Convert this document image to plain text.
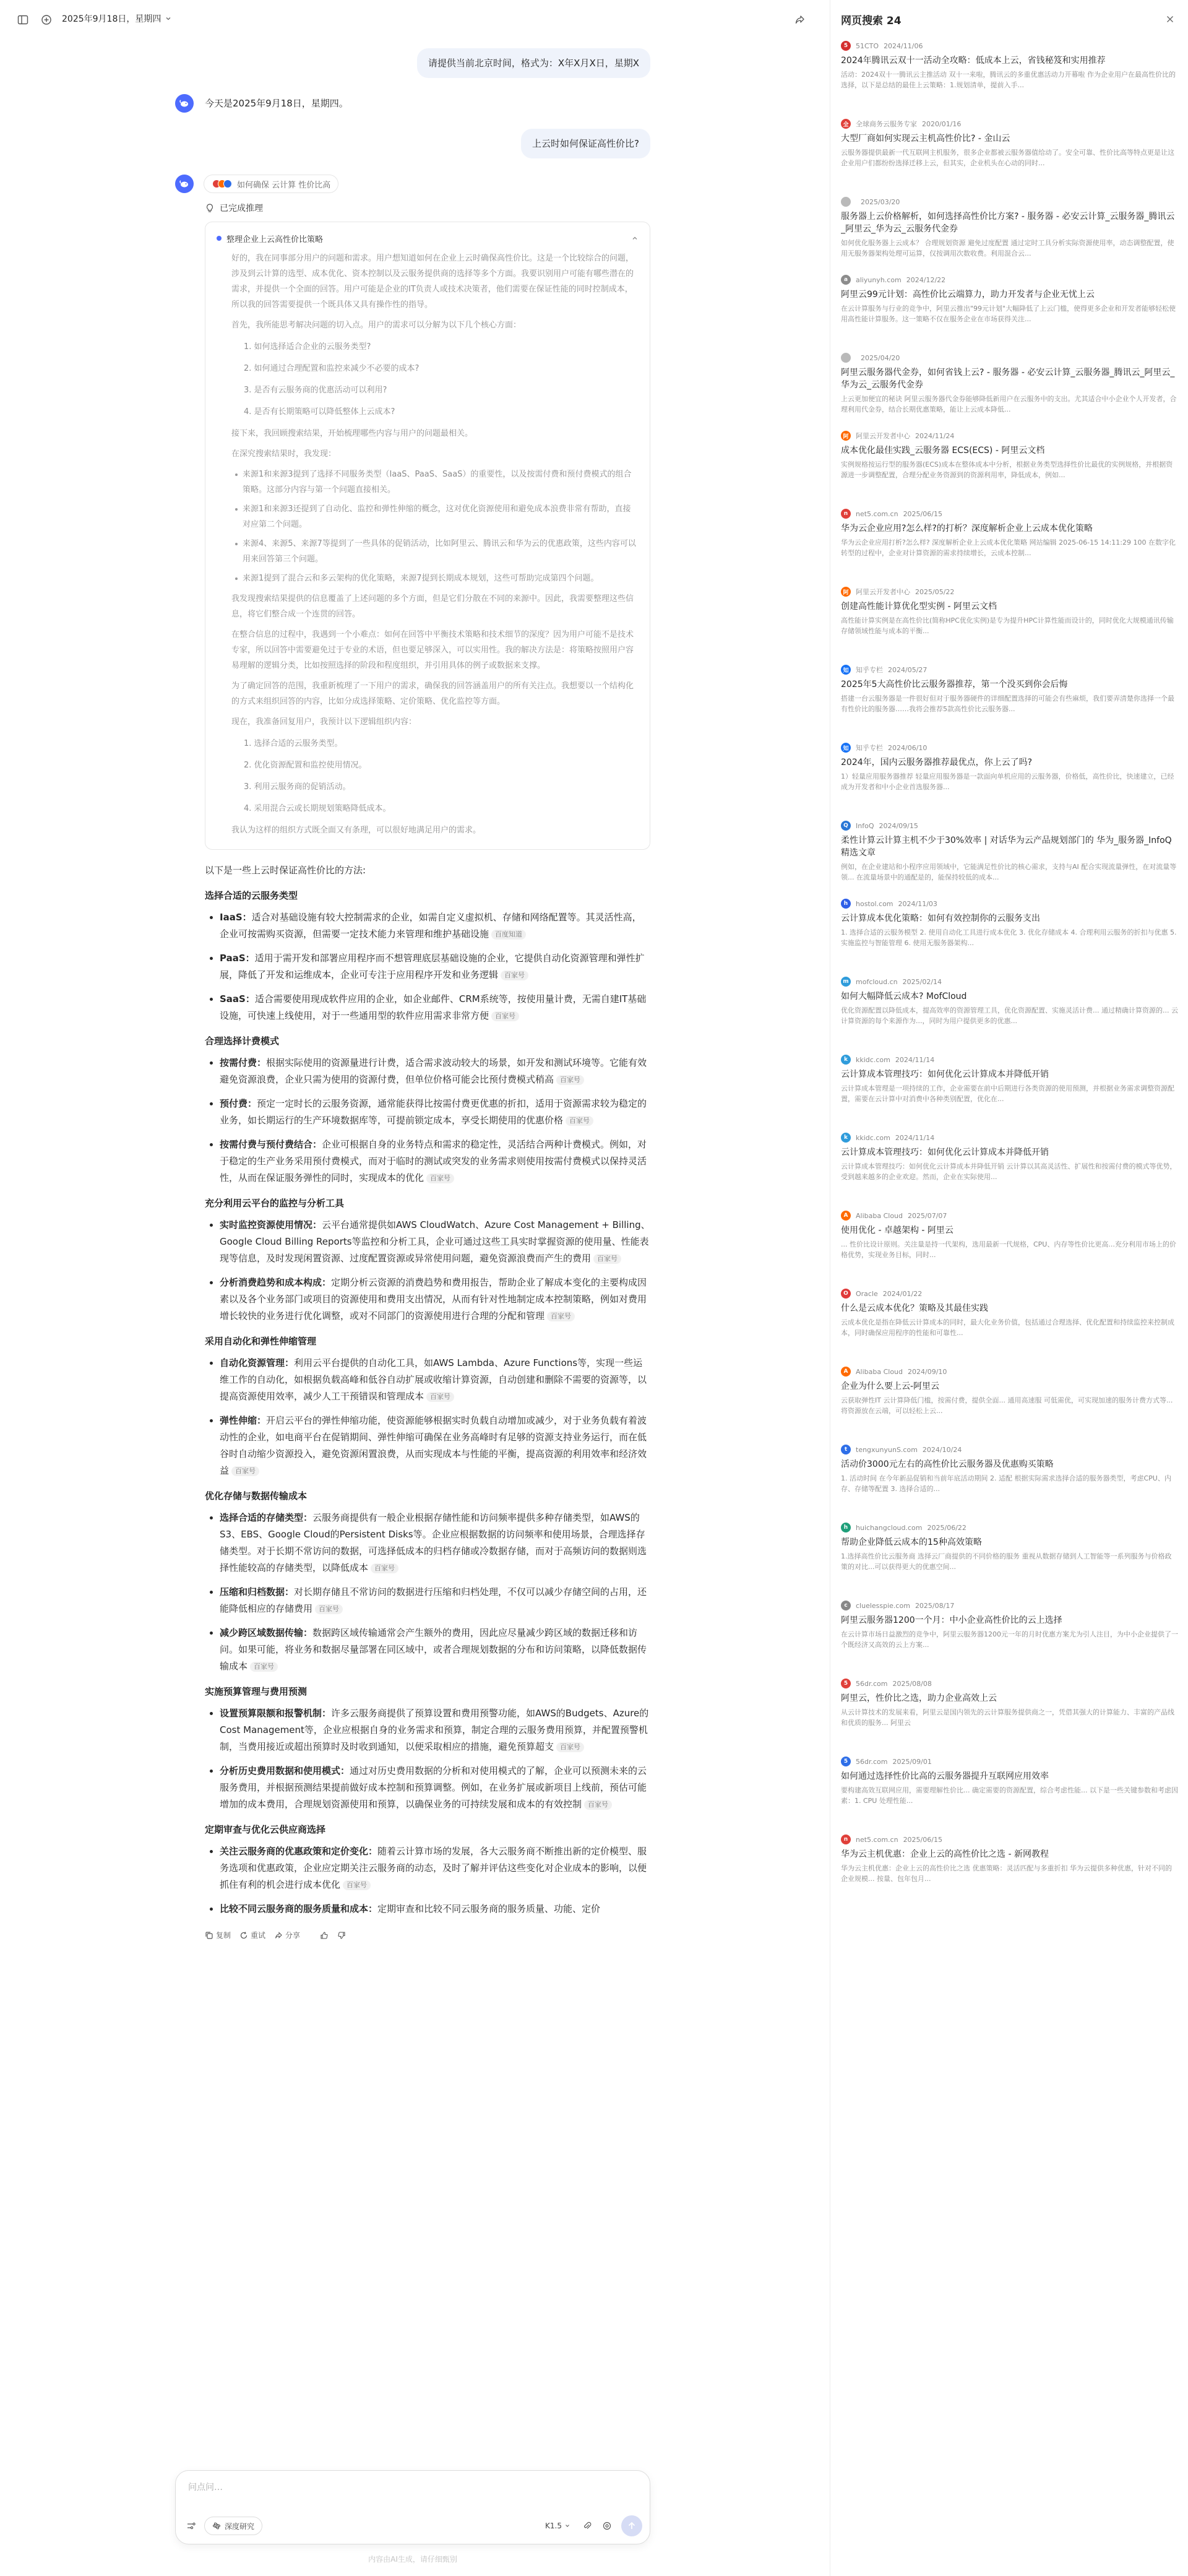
2025年9月18日，星期四
请提供当前北京时间，格式为：X年X月X日，星期X
今天是2025年9月18日，星期四。
上云时如何保证高性价比?
如何确保 云计算 性价比高
已完成推理
整理企业上云高性价比策略

好的，我在同事部分用户的问题和需求。用户想知道如何在企业上云时确保高性价比。这是一个比较综合的问题，涉及到云计算的选型、成本优化、资本控制以及云服务提供商的选择等多个方面。我要识别用户可能有哪些潜在的需求，并提供一个全面的回答。用户可能是企业的IT负责人或技术决策者，他们需要在保证性能的同时控制成本，所以我的回答需要提供一个既具体又具有操作性的指导。

首先，我所能思考解决问题的切入点。用户的需求可以分解为以下几个核心方面：

1. 如何选择适合企业的云服务类型?
2. 如何通过合理配置和监控来减少不必要的成本?
3. 是否有云服务商的优惠活动可以利用?
4. 是否有长期策略可以降低整体上云成本?

接下来，我回顾搜索结果，开始梳理哪些内容与用户的问题最相关。

在深究搜索结果时，我发现：

来源1和来源3提到了选择不同服务类型（IaaS、PaaS、SaaS）的重要性，以及按需付费和预付费模式的组合策略。这部分内容与第一个问题直接相关。
来源1和来源3还提到了自动化、监控和弹性伸缩的概念，这对优化资源使用和避免成本浪费非常有帮助，直接对应第二个问题。
来源4、来源5、来源7等提到了一些具体的促销活动，比如阿里云、腾讯云和华为云的优惠政策，这些内容可以用来回答第三个问题。
来源1提到了混合云和多云架构的优化策略，来源7提到长期成本规划，这些可帮助完成第四个问题。

我发现搜索结果提供的信息覆盖了上述问题的多个方面，但是它们分散在不同的来源中。因此，我需要整理这些信息，将它们整合成一个连贯的回答。

在整合信息的过程中，我遇到一个小难点：如何在回答中平衡技术策略和技术细节的深度？因为用户可能不是技术专家，所以回答中需要避免过于专业的术语，但也要足够深入，可以实用性。我的解决方法是：将策略按照用户容易理解的逻辑分类，比如按照选择的阶段和程度组织，并引用具体的例子或数据来支撑。

为了确定回答的范围，我重新梳理了一下用户的需求，确保我的回答涵盖用户的所有关注点。我想要以一个结构化的方式来组织回答的内容，比如分成选择策略、定价策略、优化监控等方面。

现在，我准备回复用户，我预计以下逻辑组织内容：

1. 选择合适的云服务类型。
2. 优化资源配置和监控使用情况。
3. 利用云服务商的促销活动。
4. 采用混合云或长期规划策略降低成本。

我认为这样的组织方式既全面又有条理，可以很好地满足用户的需求。

以下是一些上云时保证高性价比的方法:

选择合适的云服务类型
IaaS：适合对基础设施有较大控制需求的企业，如需自定义虚拟机、存储和网络配置等。其灵活性高，企业可按需购买资源，但需要一定技术能力来管理和维护基础设施 百度知道
PaaS：适用于需开发和部署应用程序而不想管理底层基础设施的企业，它提供自动化资源管理和弹性扩展，降低了开发和运维成本，企业可专注于应用程序开发和业务逻辑 百家号
SaaS：适合需要使用现成软件应用的企业，如企业邮件、CRM系统等，按使用量计费，无需自建IT基础设施，可快速上线使用，对于一些通用型的软件应用需求非常方便 百家号
合理选择计费模式
按需付费：根据实际使用的资源量进行计费，适合需求波动较大的场景，如开发和测试环境等。它能有效避免资源浪费，企业只需为使用的资源付费，但单位价格可能会比预付费模式稍高 百家号
预付费：预定一定时长的云服务资源，通常能获得比按需付费更优惠的折扣，适用于资源需求较为稳定的业务，如长期运行的生产环境数据库等，可提前锁定成本，享受长期使用的优惠价格 百家号
按需付费与预付费结合：企业可根据自身的业务特点和需求的稳定性，灵活结合两种计费模式。例如，对于稳定的生产业务采用预付费模式，而对于临时的测试或突发的业务需求则使用按需付费模式以保持灵活性，从而在保证服务弹性的同时，实现成本的优化 百家号
充分利用云平台的监控与分析工具
实时监控资源使用情况：云平台通常提供如AWS CloudWatch、Azure Cost Management + Billing、Google Cloud Billing Reports等监控和分析工具，企业可通过这些工具实时掌握资源的使用量、性能表现等信息，及时发现闲置资源、过度配置资源或异常使用问题，避免资源浪费而产生的费用 百家号
分析消费趋势和成本构成：定期分析云资源的消费趋势和费用报告，帮助企业了解成本变化的主要构成因素以及各个业务部门或项目的资源使用和费用支出情况，从而有针对性地制定成本控制策略，例如对费用增长较快的业务进行优化调整，或对不同部门的资源使用进行合理的分配和管理 百家号
采用自动化和弹性伸缩管理
自动化资源管理：利用云平台提供的自动化工具，如AWS Lambda、Azure Functions等，实现一些运维工作的自动化，如根据负载高峰和低谷自动扩展或收缩计算资源，自动创建和删除不需要的资源等，以提高资源使用效率，减少人工干预错误和管理成本 百家号
弹性伸缩：开启云平台的弹性伸缩功能，使资源能够根据实时负载自动增加或减少，对于业务负载有着波动性的企业，如电商平台在促销期间、弹性伸缩可确保在业务高峰时有足够的资源支持业务运行，而在低谷时自动缩少资源投入，避免资源闲置浪费，从而实现成本与性能的平衡，提高资源的利用效率和经济效益 百家号
优化存储与数据传输成本
选择合适的存储类型：云服务商提供有一般企业根据存储性能和访问频率提供多种存储类型，如AWS的S3、EBS、Google Cloud的Persistent Disks等。企业应根据数据的访问频率和使用场景，合理选择存储类型。对于长期不常访问的数据，可选择低成本的归档存储或冷数据存储，而对于高频访问的数据则选择性能较高的存储类型，以降低成本 百家号
压缩和归档数据：对长期存储且不常访问的数据进行压缩和归档处理，不仅可以减少存储空间的占用，还能降低相应的存储费用 百家号
减少跨区域数据传输：数据跨区域传输通常会产生额外的费用，因此应尽量减少跨区域的数据迁移和访问。如果可能，将业务和数据尽量部署在同区域中，或者合理规划数据的分布和访问策略，以降低数据传输成本 百家号
实施预算管理与费用预测
设置预算限额和报警机制：许多云服务商提供了预算设置和费用预警功能，如AWS的Budgets、Azure的Cost Management等，企业应根据自身的业务需求和预算，制定合理的云服务费用预算，并配置预警机制，当费用接近或超出预算时及时收到通知，以便采取相应的措施，避免预算超支 百家号
分析历史费用数据和使用模式：通过对历史费用数据的分析和对使用模式的了解，企业可以预测未来的云服务费用，并根据预测结果提前做好成本控制和预算调整。例如，在业务扩展或新项目上线前，预估可能增加的成本费用，合理规划资源使用和预算，以确保业务的可持续发展和成本的有效控制 百家号
定期审查与优化云供应商选择
关注云服务商的优惠政策和定价变化：随着云计算市场的发展，各大云服务商不断推出新的定价模型、服务选项和优惠政策，企业应定期关注云服务商的动态，及时了解并评估这些变化对企业成本的影响，以便抓住有利的机会进行成本优化 百家号
比较不同云服务商的服务质量和成本：定期审查和比较不同云服务商的服务质量、功能、定价
复制	重试	分享
问点问…
深度研究	K1.5
内容由AI生成，请仔细甄别
网页搜索 24
5	51CTO 2024/11/06
2024年腾讯云双十一活动全攻略：低成本上云，省钱秘笈和实用推荐
活动：2024双十一腾讯云主推活动 双十一来啦，腾讯云的多重优惠活动力开幕啦 作为企业用户在最高性价比的选择，以下是总结的最佳上云策略：1.规划清单，提前入手...
全	全球商务云服务专家 2020/01/16
大型厂商如何实现云主机高性价比? - 金山云
云服务器提供最新一代互联网主机服务，很多企业都被云服务器值给动了。安全可靠、性价比高等特点更是让这企业用户们都纷纷选择迁移上云，但其实，企业机头在心动的同时...
2025/03/20
服务器上云价格解析，如何选择高性价比方案? - 服务器 - 必安云计算_云服务器_腾讯云_阿里云_华为云_云服务代金券
如何优化服务器上云成本？ 合理规划资源 避免过度配置 通过定时工具分析实际资源使用率，动态调整配置，使用无服务器架构处理可运算，仅按调用次数收费。利用混合云...
a	aliyunyh.com 2024/12/22
阿里云99元计划：高性价比云端算力，助力开发者与企业无忧上云
在云计算服务与行业的竞争中，阿里云推出"99元计划"大幅降低了上云门槛，使得更多企业和开发者能够轻松使用高性能计算服务。这一策略不仅在服务企业在市场获得关注...
2025/04/20
阿里云服务器代金券，如何省钱上云? - 服务器 - 必安云计算_云服务器_腾讯云_阿里云_华为云_云服务代金券
上云更加便宜的秘诀 阿里云服务器代金券能够降低新用户在云服务中的支出。尤其适合中小企业个人开发者，合理利用代金券，结合长期优惠策略，能让上云成本降低...
阿	阿里云开发者中心 2024/11/24
成本优化最佳实践_云服务器 ECS(ECS) - 阿里云文档
实例规格按运行型的服务器(ECS)成本在整体成本中分析，根据业务类型选择性价比最优的实例规格，并根据资源进一步调整配置，合理分配业务资源到的资源利用率，降低成本，例如...
n	net5.com.cn 2025/06/15
华为云企业应用?怎么样?的打析？深度解析企业上云成本优化策略
华为云企业应用打析?怎么样? 深度解析企业上云成本优化策略 网站编辑 2025-06-15 14:11:29 100 在数字化转型的过程中，企业对计算资源的需求持续增长，云成本控制...
阿	阿里云开发者中心 2025/05/22
创建高性能计算优化型实例 - 阿里云文档
高性能计算实例是在高性价比(简称HPC优化实例)是专为提升HPC计算性能而设计的，同时优化大规模通讯传输存储领域性能与成本的平衡...
知	知乎专栏 2024/05/27
2025年5大高性价比云服务器推荐，第一个没买到你会后悔
搭建一台云服务器是一件很好但对于服务器硬件的详细配置选择的可能会有些麻烦，我们要弄清楚你选择一个最有性价比的服务器……我将会推荐5款高性价比云服务器...
知	知乎专栏 2024/06/10
2024年，国内云服务器推荐最优点，你上云了吗?
1）轻量应用服务器推荐 轻量应用服务器是一款面向单机应用的云服务器，价格低，高性价比，快速建立，已经成为开发者和中小企业首选服务器...
Q	InfoQ 2024/09/15
柔性计算云计算主机不少于30%效率 | 对话华为云产品规划部门的 华为_服务器_InfoQ精选文章
例如，在企业建站和小程序应用领域中，它能满足性价比的核心需求，支持与AI 配合实现流量弹性，在对流量等领... 在流量场景中的通配是的，能保持较低的成本...
h	hostol.com 2024/11/03
云计算成本优化策略：如何有效控制你的云服务支出
1. 选择合适的云服务模型 2. 使用自动化工具进行成本优化 3. 优化存储成本 4. 合理利用云服务的折扣与优惠 5. 实施监控与智能管理 6. 使用无服务器架构...
m	mofcloud.cn 2025/02/14
如何大幅降低云成本? MofCloud
优化资源配置以降低成本，提高效率的资源管理工具，优化资源配置、实施灵活计费... 通过精确计算资源的... 云计算资源的每个来源作为...，同时为用户提供更多的优惠...
k	kkidc.com 2024/11/14
云计算成本管理技巧：如何优化云计算成本并降低开销
云计算成本管理是一项持续的工作，企业需要在前中后期进行各类资源的使用预测，并根据业务需求调整资源配置，需要在云计算中对消费中各种类别配置，优化在...
k	kkidc.com 2024/11/14
云计算成本管理技巧：如何优化云计算成本并降低开销
云计算成本管理技巧：如何优化云计算成本并降低开销 云计算以其高灵活性、扩展性和按需付费的模式等优势，受到越来越多的企业欢迎。然而，企业在实际使用...
A	Alibaba Cloud 2025/07/07
使用优化 - 卓越架构 - 阿里云
... 性价比设计原则。关注量是持一代架构，选用最新一代规格，CPU、内存等性价比更高...充分利用市场上的价格优势，实现业务目标，同时...
O	Oracle 2024/01/22
什么是云成本优化？策略及其最佳实践
云成本优化是指在降低云计算成本的同时，最大化业务价值，包括通过合理选择、优化配置和持续监控来控制成本，同时确保应用程序的性能和可靠性...
A	Alibaba Cloud 2024/09/10
企业为什么要上云-阿里云
云获取弹性IT 云计算降低门槛，按需付费，提供全面... 通用高速服 可低需优，可实现加速的服务计费方式等... 将资源放在云端，可以轻松上云...
t	tengxunyunS.com 2024/10/24
活动价3000元左右的高性价比云服务器及优惠购买策略
1. 活动时间 在今年新品促销和当前年底活动期间 2. 适配 根据实际需求选择合适的服务器类型，考虑CPU、内存、存储等配置 3. 选择合适的...
h	huichangcloud.com 2025/06/22
帮助企业降低云成本的15种高效策略
1.选择高性价比云服务商 选择云厂商提供的不同价格的服务 重视从数据存储到人工智能等一系列服务与价格政策的对比...可以获得更大的优惠空间...
c	cluelesspie.com 2025/08/17
阿里云服务器1200一个月：中小企业高性价比的云上选择
在云计算市场日益激烈的竞争中，阿里云服务器1200元一年的月时优惠方案尤为引人注目，为中小企业提供了一个既经济又高效的云上方案...
5	56dr.com 2025/08/08
阿里云，性价比之选，助力企业高效上云
从云计算技术的发展来看，阿里云是国内领先的云计算服务提供商之一，凭借其强大的计算能力、丰富的产品线和优质的服务... 阿里云
5	56dr.com 2025/09/01
如何通过选择性价比高的云服务器提升互联网应用效率
要构建高效互联网应用，需要理解性价比... 确定需要的资源配置，综合考虑性能... 以下是一些关键参数和考虑因素：1. CPU 处理性能...
n	net5.com.cn 2025/06/15
华为云主机优惠：企业上云的高性价比之选 - 新网教程
华为云主机优惠：企业上云的高性价比之选 优惠策略：灵活匹配与多重折扣 华为云提供多种优惠，针对不同的企业规模... 按量、包年包月...
